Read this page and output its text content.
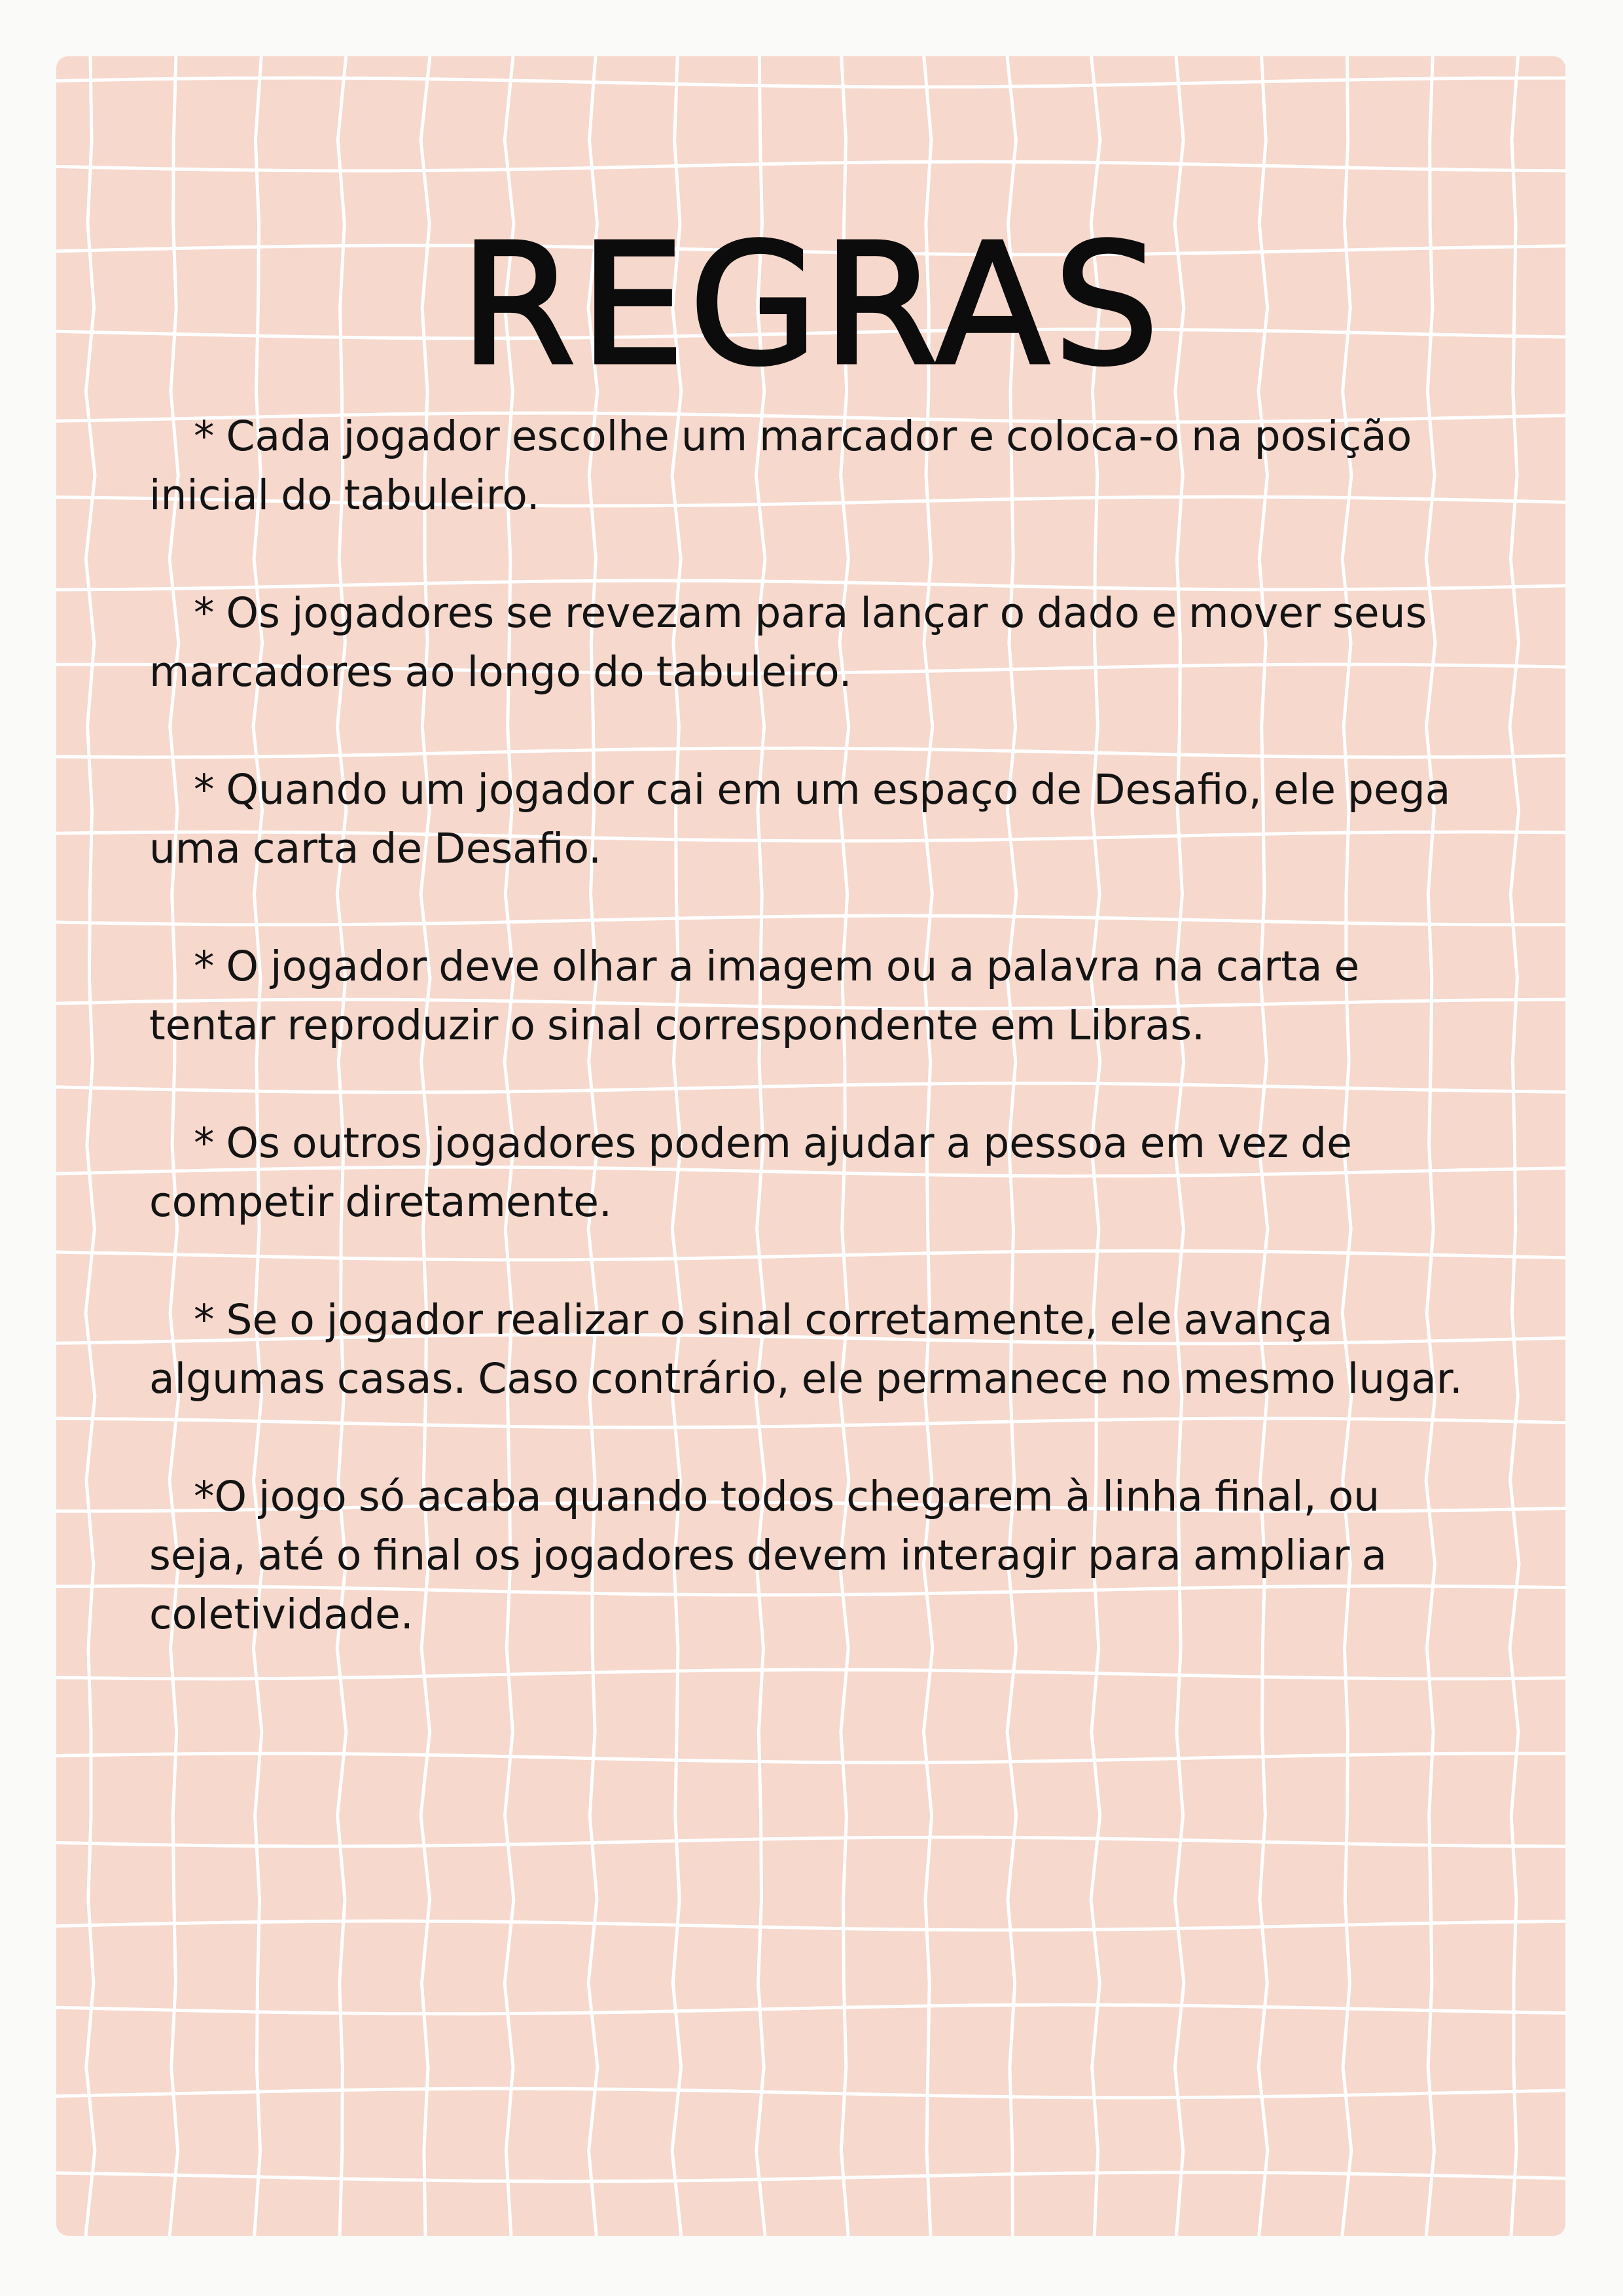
REGRAS
* Cada jogador escolhe um marcador e coloca-o na posição inicial do tabuleiro.
* Os jogadores se revezam para lançar o dado e mover seus marcadores ao longo do tabuleiro.
* Quando um jogador cai em um espaço de Desafio, ele pega uma carta de Desafio.
* O jogador deve olhar a imagem ou a palavra na carta e tentar reproduzir o sinal correspondente em Libras.
* Os outros jogadores podem ajudar a pessoa em vez de competir diretamente.
* Se o jogador realizar o sinal corretamente, ele avança algumas casas. Caso contrário, ele permanece no mesmo lugar.
*O jogo só acaba quando todos chegarem à linha final, ou seja, até o final os jogadores devem interagir para ampliar a coletividade.
